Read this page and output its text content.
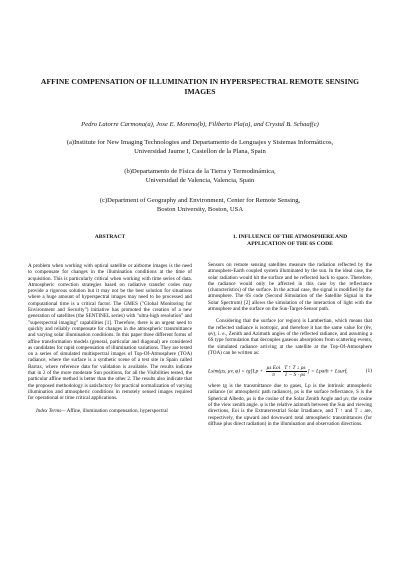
AFFINE COMPENSATION OF ILLUMINATION IN HYPERSPECTRAL REMOTE SENSING
IMAGES
Pedro Latorre Carmona(a), Jose E. Moreno(b), Filiberto Pla(a), and Crystal B. Schaaf(c)
(a)Institute for New Imaging Technologies and Departamento de Lenguajes y Sistemas Informáticos,
Universidad Jaume I, Castellon de la Plana, Spain
(b)Departamento de Física de la Tierra y Termodinámica,
Universidad de Valencia, Valencia, Spain
(c)Department of Geography and Environment, Center for Remote Sensing,
Boston University, Boston, USA

ABSTRACT

A problem when working with optical satellite or airborne images is the need to compensate for changes in the illumination conditions at the time of acquisition. This is particularly critical when working with time series of data. Atmospheric correction strategies based on radiative transfer codes may provide a rigorous solution but it may not be the best solution for situations where a huge amount of hyperspectral images may need to be processed and computational time is a critical factor. The GMES ("Global Monitoring for Environment and Security") initiative has promoted the creation of a new generation of satellites (the SENTINEL series) with "ultra-high resolution" and "superspectral imaging" capabilities [1]. Therefore, there is an urgent need to quickly and reliably compensate for changes in the atmospheric transmittance and varying solar illumination conditions. In this paper three different forms of affine transformation models (general, particular and diagonal) are considered as candidates for rapid compensation of illumination variations. They are tested on a series of simulated multispectral images of Top-Of-Atmosphere (TOA) radiance, where the surface is a synthetic scene of a test site in Spain called Barrax, where reference data for validation is available. The results indicate that in 2 of the more moderate Sun positions, for all the Visibilities tested, the particular affine method is better than the other 2. The results also indicate that the proposed methodology is satisfactory for practical normalization of varying illumination and atmospheric conditions in remotely sensed images required for operational or time critical applications.

Index Terms— Affine, illumination compensation, hyperspectral

1. INFLUENCE OF THE ATMOSPHERE AND
APPLICATION OF THE 6S CODE

Sensors on remote sensing satellites measure the radiation reflected by the atmosphere-Earth coupled system illuminated by the sun. In the ideal case, the solar radiation would hit the surface and be reflected back to space. Therefore, the radiance would only be affected in this case by the reflectance (characteristics) of the surface. In the actual case, the signal is modified by the atmosphere. The 6S code (Second Simulation of the Satellite Signal in the Solar Spectrum) [2] allows the simulation of the interaction of light with the atmosphere and the surface on the Sun-Target-Sensor path.

Considering that the surface (or region) is Lambertian, which means that the reflected radiance is isotropic, and therefore it has the same value for (θv, φv), i. e., Zenith and Azimuth angles of the reflected radiance, and assuming a 6S type formulation that decouples gaseous absorptions from scattering events, the simulated radiance arriving at the satellite at the Top-Of-Atmosphere (TOA) can be written as:

Lsim(μs, μv, $\varphi) = tg[Lp + \frac{\text{μs Eoi}}{\pi} \frac{T ↑ T ↓ \rho s}{1 - S \cdot \rho s}$ ] = Lpath + Lsurf,	(1)

where tg is the transmittance due to gases, Lp is the intrinsic atmospheric radiance (or atmospheric path radiance), ρs is the surface reflectance, S is the Spherical Albedo, μs is the cosine of the Solar Zenith Angle and μv, the cosine of the view zenith angle. φ is the relative azimuth between the Sun and viewing directions, Eoi is the Extraterrestrial Solar Irradiance, and T ↑ and T ↓ are, respectively, the upward and downward total atmospheric transmittances (for diffuse plus direct radiation) in the illumination and observation directions.
